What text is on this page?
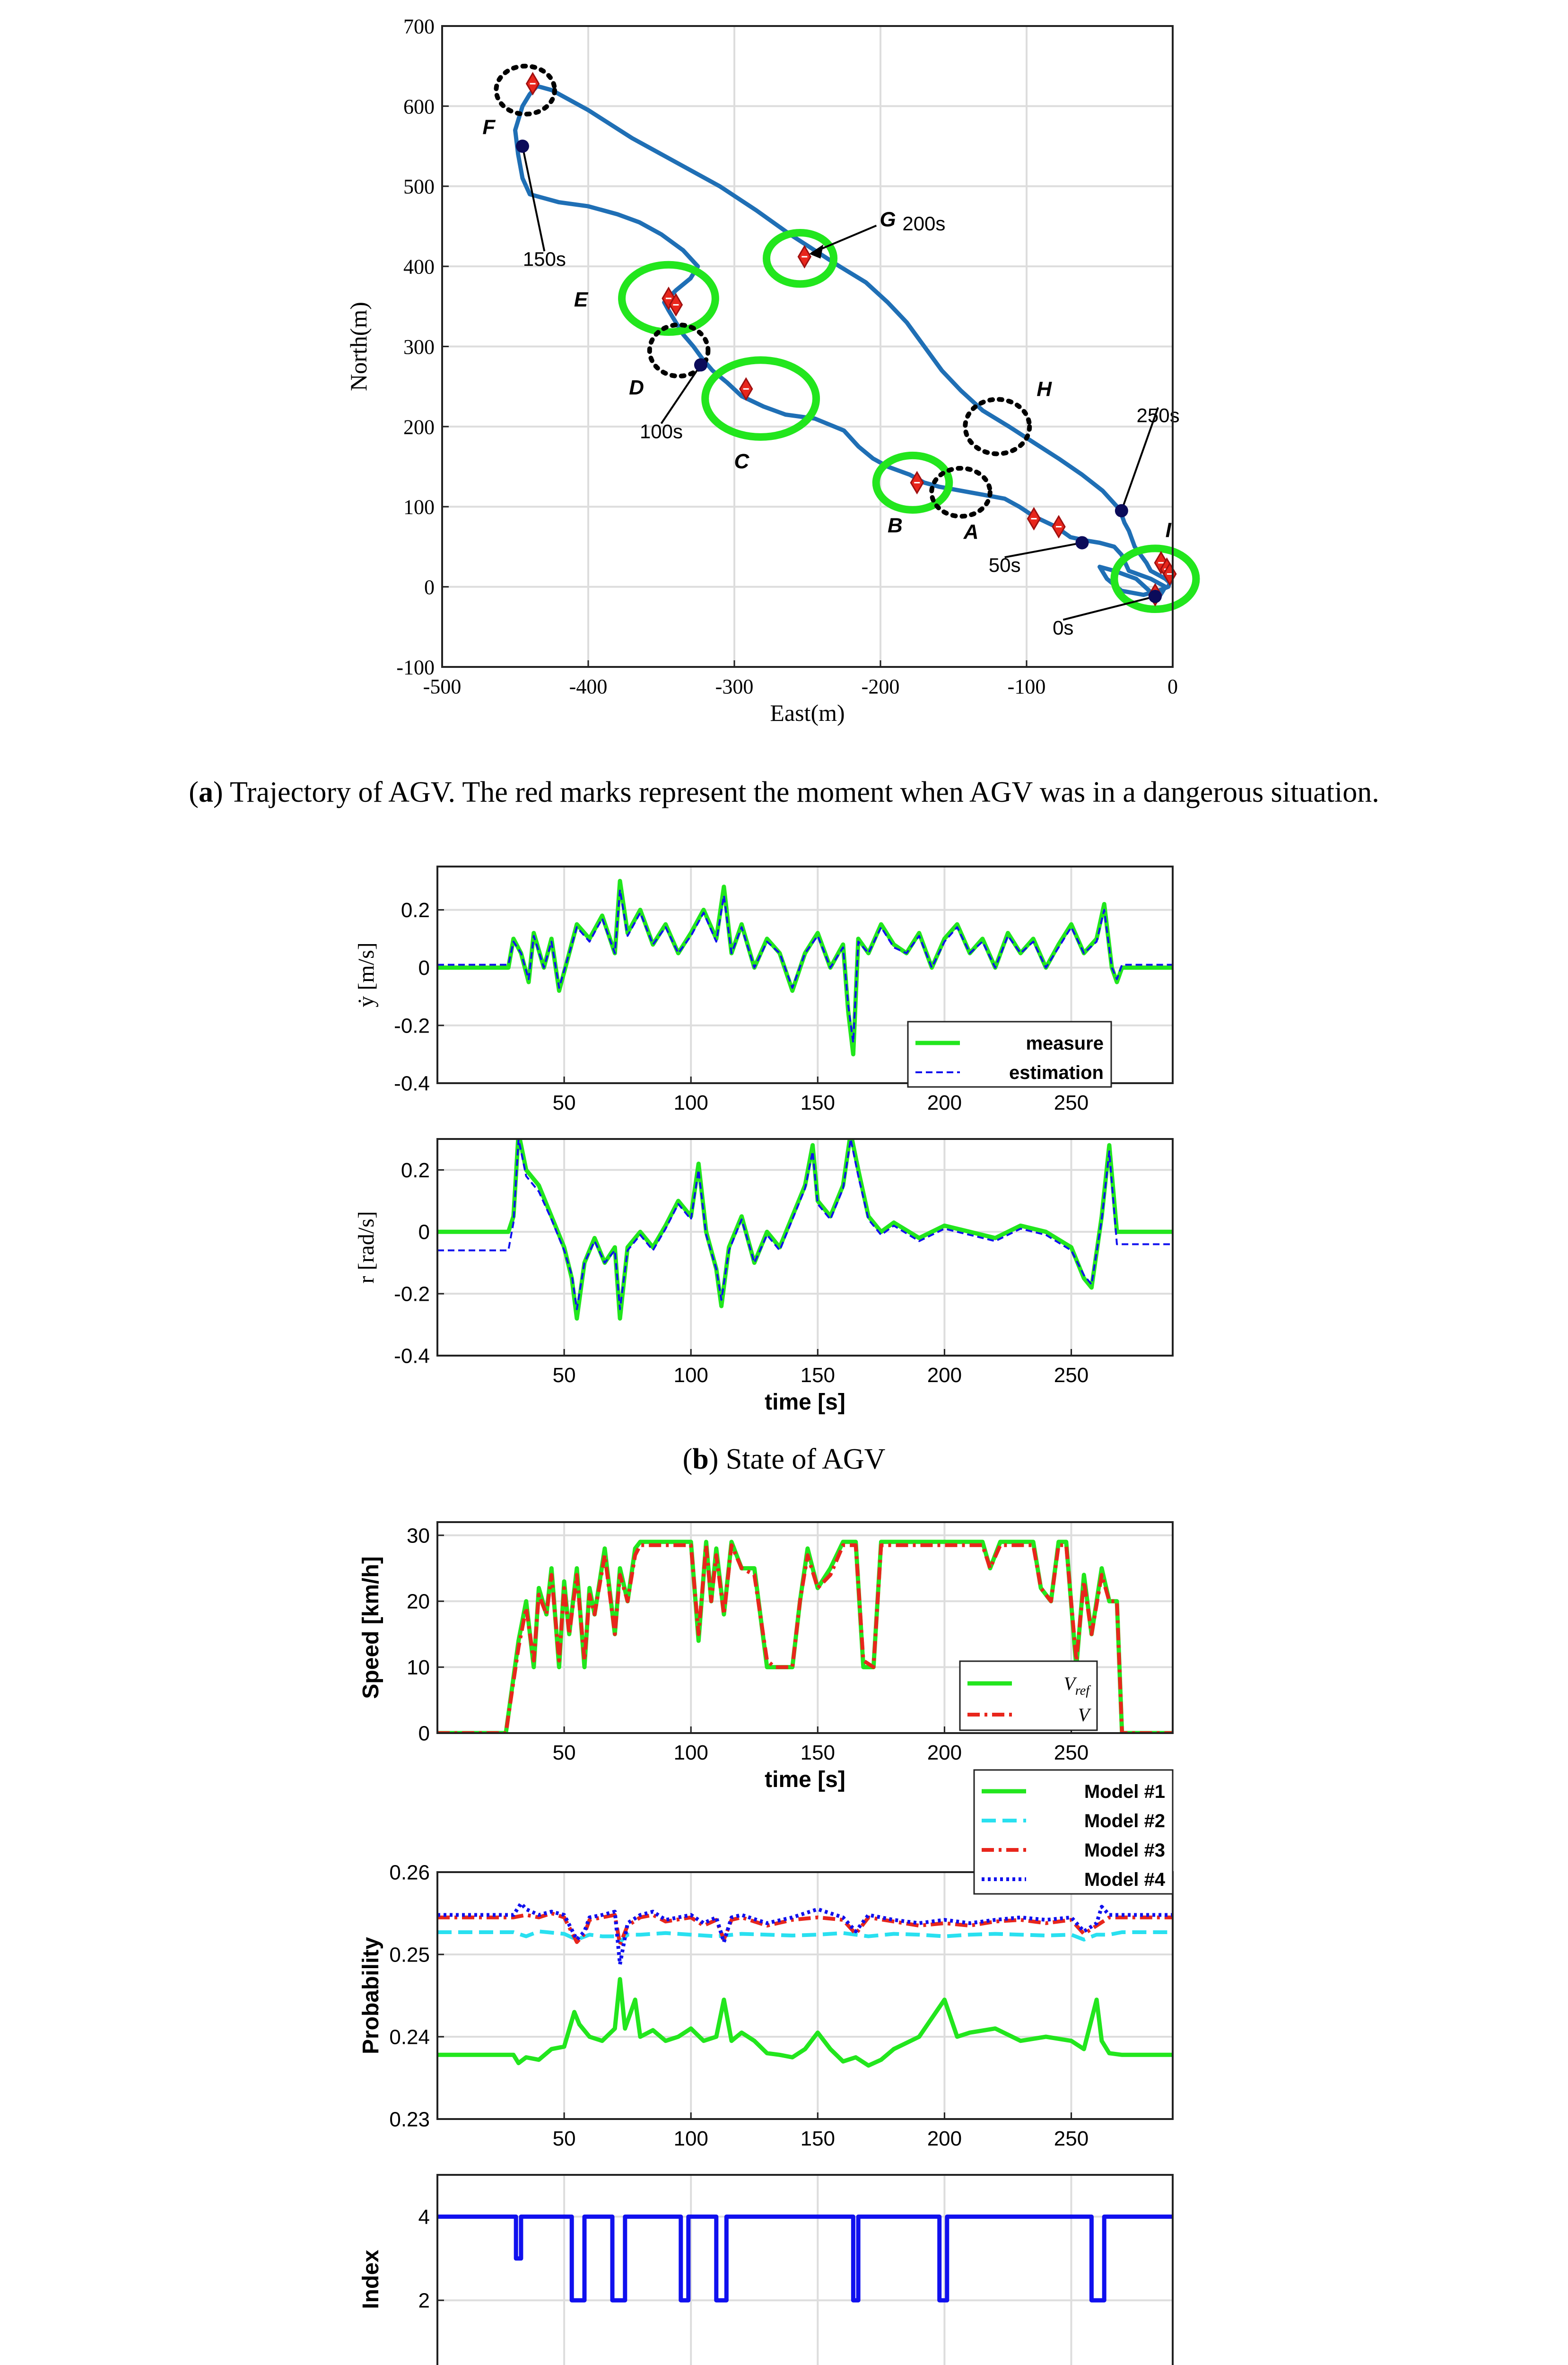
-500	-400	-300	-200	-100	0
-100
0
100
200
300
400
500
600
700
G
E
C
B	I
F
D	H
A
0s
50s
100s
150s
250s
200s
East(m)
North(m)
50	100	150	200	250
-0.4
-0.2
0
0.2
ẏ [m/s]
measure
estimation
50	100	150	200	250
-0.4
-0.2
0
0.2
time [s]
r [rad/s]
50	100	150	200	250
0
10
20
30
time [s]
Speed [km/h]	$V_{ref}$
V
50	100	150	200	250
0.23
0.24
0.25
0.26
Probability
Model #1
Model #2
Model #3
Model #4
2
4
Index
(a) Trajectory of AGV. The red marks represent the moment when AGV was in a dangerous situation.
(b) State of AGV
